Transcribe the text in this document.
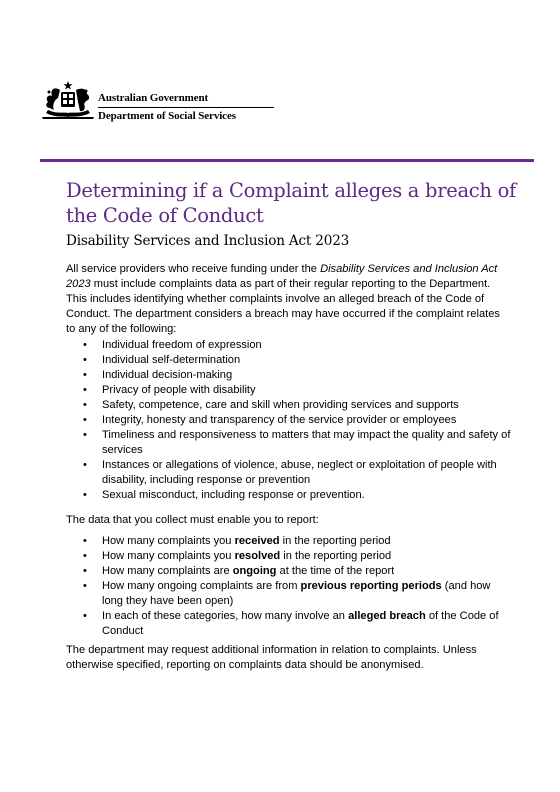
Australian Government
Department of Social Services
Determining if a Complaint alleges a breach of the Code of Conduct
Disability Services and Inclusion Act 2023

All service providers who receive funding under the Disability Services and Inclusion Act 2023 must include complaints data as part of their regular reporting to the Department. This includes identifying whether complaints involve an alleged breach of the Code of Conduct. The department considers a breach may have occurred if the complaint relates to any of the following:

• Individual freedom of expression
• Individual self-determination
• Individual decision-making
• Privacy of people with disability
• Safety, competence, care and skill when providing services and supports
• Integrity, honesty and transparency of the service provider or employees
• Timeliness and responsiveness to matters that may impact the quality and safety of services
• Instances or allegations of violence, abuse, neglect or exploitation of people with disability, including response or prevention
• Sexual misconduct, including response or prevention.

The data that you collect must enable you to report:

• How many complaints you received in the reporting period
• How many complaints you resolved in the reporting period
• How many complaints are ongoing at the time of the report
• How many ongoing complaints are from previous reporting periods (and how long they have been open)
• In each of these categories, how many involve an alleged breach of the Code of Conduct

The department may request additional information in relation to complaints. Unless otherwise specified, reporting on complaints data should be anonymised.
